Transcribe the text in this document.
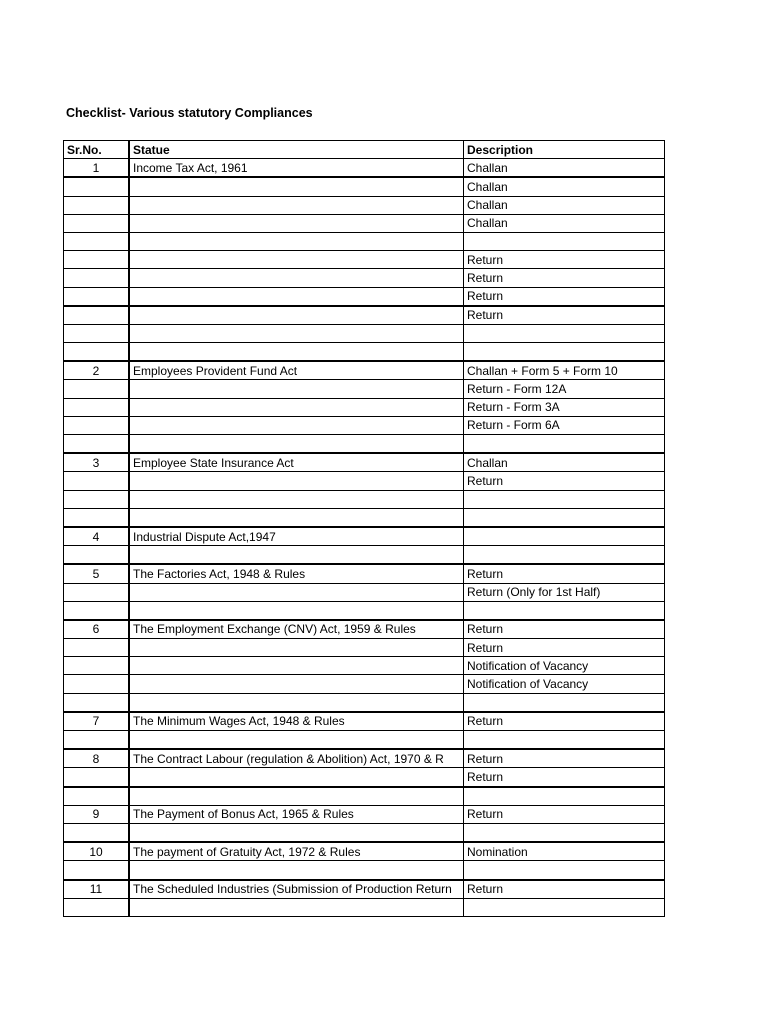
Checklist- Various statutory Compliances
Sr.No.	Statue	Description
1	Income Tax Act, 1961	Challan
		Challan
		Challan
		Challan

		Return
		Return
		Return
		Return

2	Employees Provident Fund Act	Challan + Form 5 + Form 10
		Return - Form 12A
		Return - Form 3A
		Return - Form 6A

3	Employee State Insurance Act	Challan
		Return

4	Industrial Dispute Act,1947	

5	The Factories Act, 1948 & Rules	Return
		Return (Only for 1st Half)

6	The Employment Exchange (CNV) Act, 1959 & Rules	Return
		Return
		Notification of Vacancy
		Notification of Vacancy

7	The Minimum Wages Act, 1948 & Rules	Return

8	The Contract Labour (regulation & Abolition) Act, 1970 & R	Return
		Return

9	The Payment of Bonus Act, 1965 & Rules	Return

10	The payment of Gratuity Act, 1972 & Rules	Nomination

11	The Scheduled Industries (Submission of Production Return	Return
